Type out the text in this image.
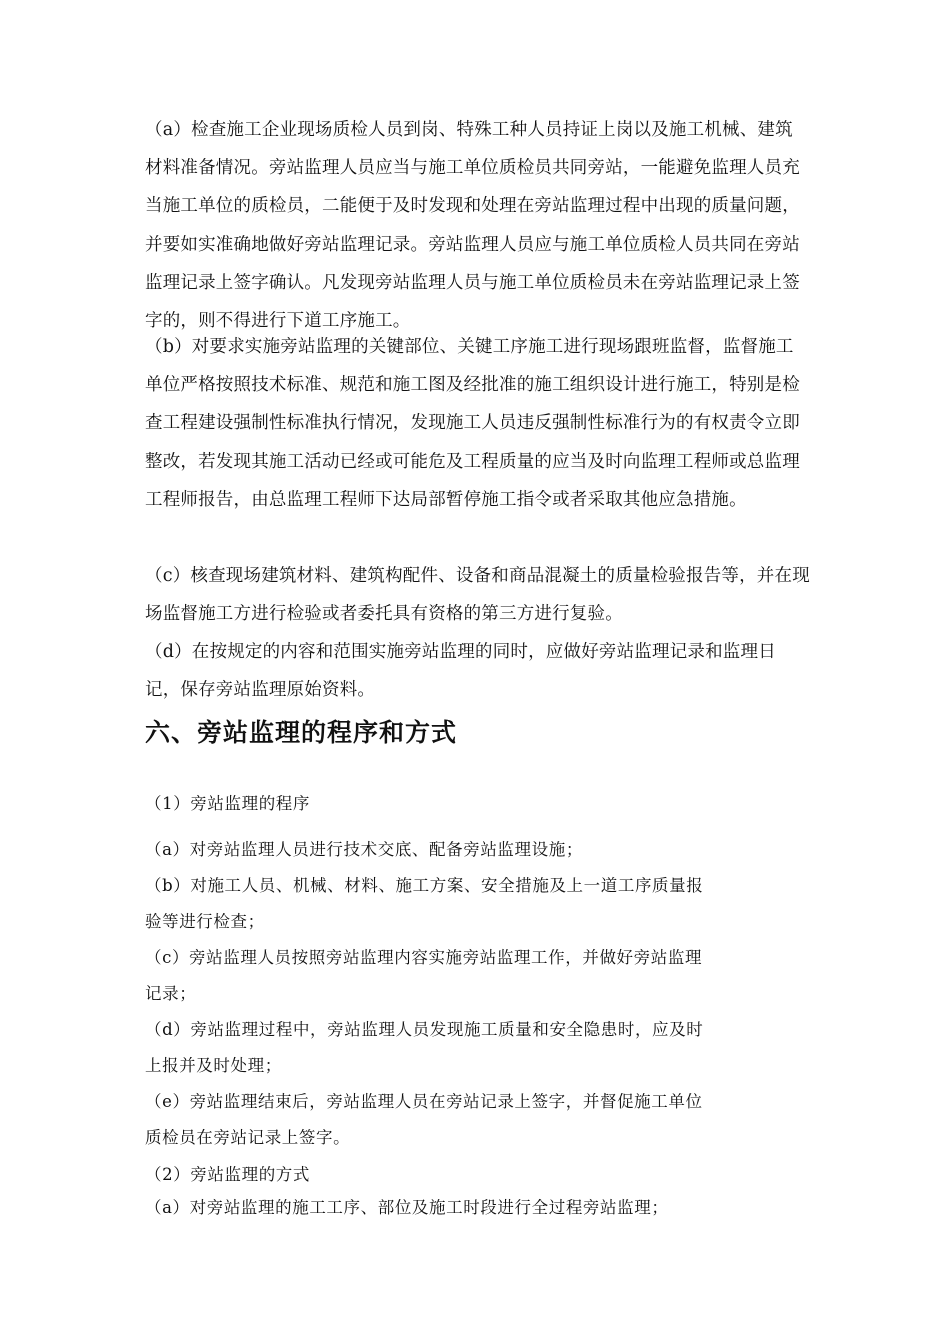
（a）检查施工企业现场质检人员到岗、特殊工种人员持证上岗以及施工机械、建筑材料准备情况。旁站监理人员应当与施工单位质检员共同旁站，一能避免监理人员充当施工单位的质检员，二能便于及时发现和处理在旁站监理过程中出现的质量问题，并要如实准确地做好旁站监理记录。旁站监理人员应与施工单位质检人员共同在旁站监理记录上签字确认。凡发现旁站监理人员与施工单位质检员未在旁站监理记录上签字的，则不得进行下道工序施工。

（b）对要求实施旁站监理的关键部位、关键工序施工进行现场跟班监督，监督施工单位严格按照技术标准、规范和施工图及经批准的施工组织设计进行施工，特别是检查工程建设强制性标准执行情况，发现施工人员违反强制性标准行为的有权责令立即整改，若发现其施工活动已经或可能危及工程质量的应当及时向监理工程师或总监理工程师报告，由总监理工程师下达局部暂停施工指令或者采取其他应急措施。

（c）核查现场建筑材料、建筑构配件、设备和商品混凝土的质量检验报告等，并在现场监督施工方进行检验或者委托具有资格的第三方进行复验。

（d）在按规定的内容和范围实施旁站监理的同时，应做好旁站监理记录和监理日记，保存旁站监理原始资料。

六、旁站监理的程序和方式
（1）旁站监理的程序

（a）对旁站监理人员进行技术交底、配备旁站监理设施；

（b）对施工人员、机械、材料、施工方案、安全措施及上一道工序质量报验等进行检查；

（c）旁站监理人员按照旁站监理内容实施旁站监理工作，并做好旁站监理记录；

（d）旁站监理过程中，旁站监理人员发现施工质量和安全隐患时，应及时上报并及时处理；

（e）旁站监理结束后，旁站监理人员在旁站记录上签字，并督促施工单位质检员在旁站记录上签字。

（2）旁站监理的方式

（a）对旁站监理的施工工序、部位及施工时段进行全过程旁站监理；
